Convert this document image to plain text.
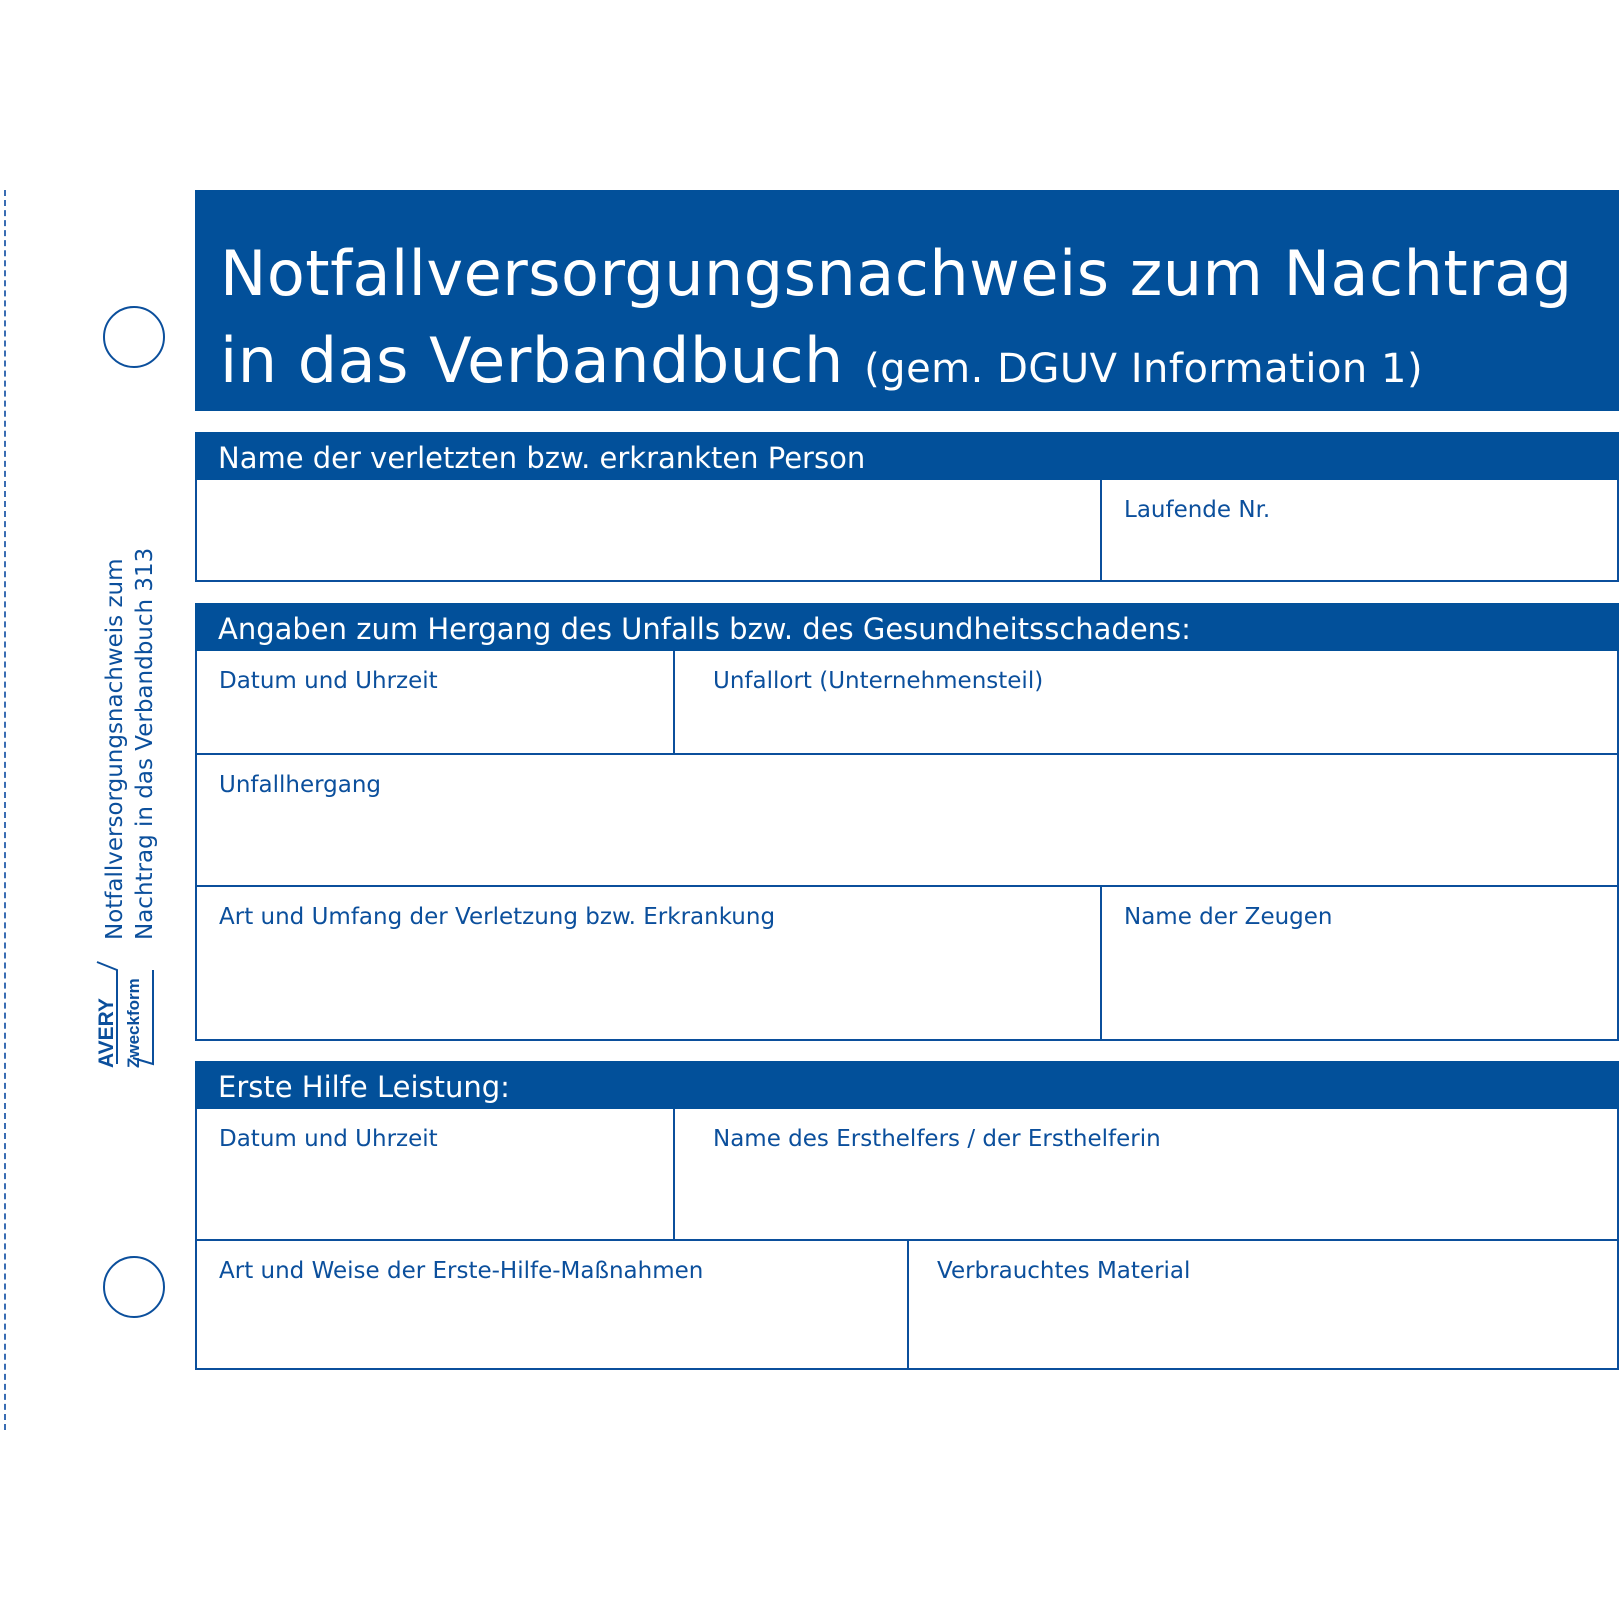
Notfallversorgungsnachweis zum Nachtrag in das Verbandbuch 313
AVERY Zweckform
Notfallversorgungsnachweis zum Nachtrag
in das Verbandbuch (gem. DGUV Information 1)
Name der verletzten bzw. erkrankten Person
Laufende Nr.
Angaben zum Hergang des Unfalls bzw. des Gesundheitsschadens:
Datum und Uhrzeit	Unfallort (Unternehmensteil)
Unfallhergang
Art und Umfang der Verletzung bzw. Erkrankung	Name der Zeugen
Erste Hilfe Leistung:
Datum und Uhrzeit	Name des Ersthelfers / der Ersthelferin
Art und Weise der Erste-Hilfe-Maßnahmen	Verbrauchtes Material
